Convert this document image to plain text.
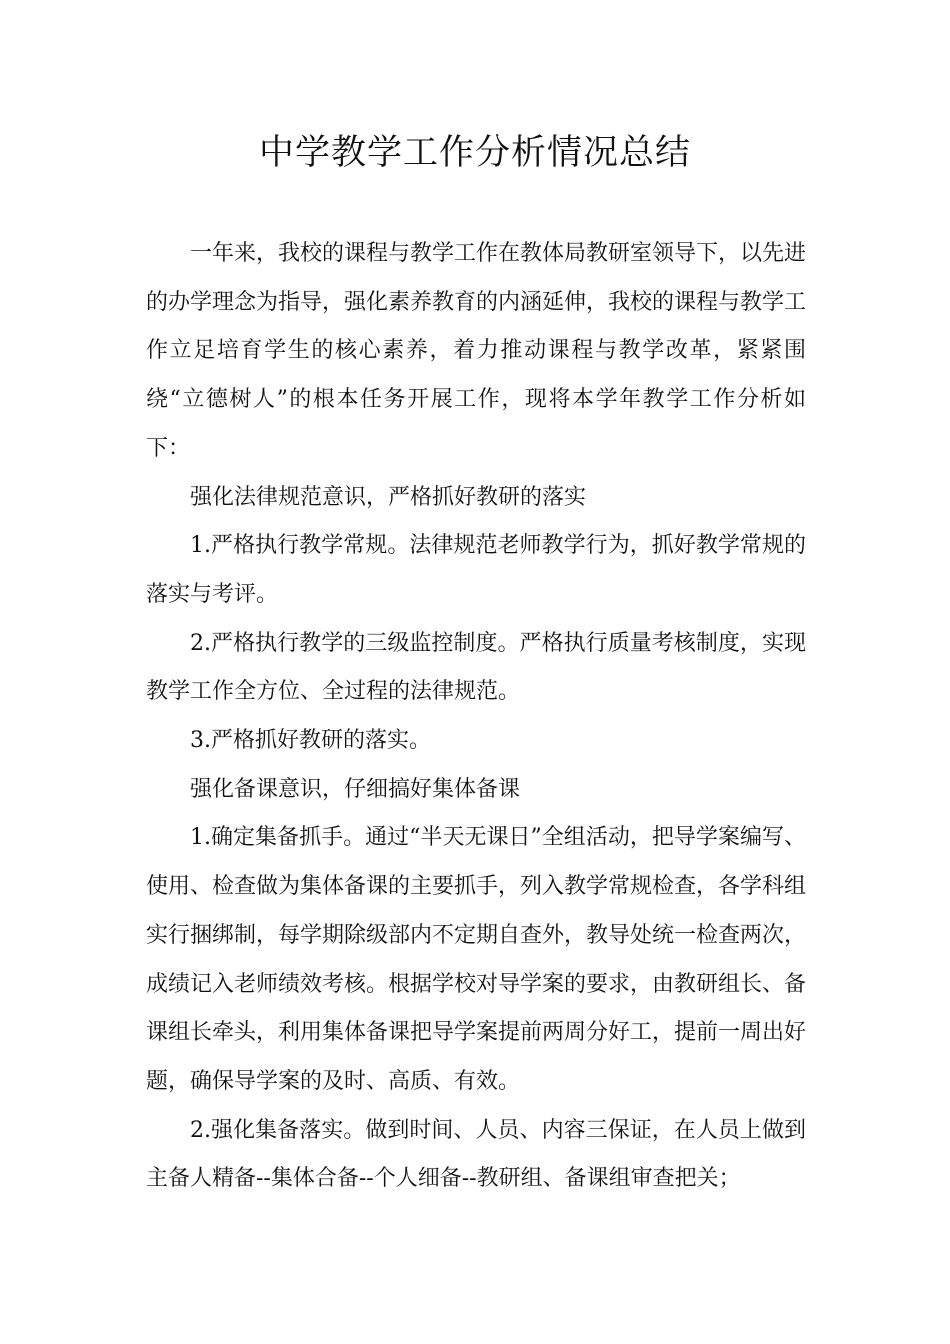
中学教学工作分析情况总结

一年来，我校的课程与教学工作在教体局教研室领导下，以先进的办学理念为指导，强化素养教育的内涵延伸，我校的课程与教学工作立足培育学生的核心素养，着力推动课程与教学改革，紧紧围绕“立德树人”的根本任务开展工作，现将本学年教学工作分析如下：

强化法律规范意识，严格抓好教研的落实

1.严格执行教学常规。法律规范老师教学行为，抓好教学常规的落实与考评。

2.严格执行教学的三级监控制度。严格执行质量考核制度，实现教学工作全方位、全过程的法律规范。

3.严格抓好教研的落实。

强化备课意识，仔细搞好集体备课

1.确定集备抓手。通过“半天无课日”全组活动，把导学案编写、使用、检查做为集体备课的主要抓手，列入教学常规检查，各学科组实行捆绑制，每学期除级部内不定期自查外，教导处统一检查两次，成绩记入老师绩效考核。根据学校对导学案的要求，由教研组长、备课组长牵头，利用集体备课把导学案提前两周分好工，提前一周出好题，确保导学案的及时、高质、有效。

2.强化集备落实。做到时间、人员、内容三保证，在人员上做到主备人精备--集体合备--个人细备--教研组、备课组审查把关；
